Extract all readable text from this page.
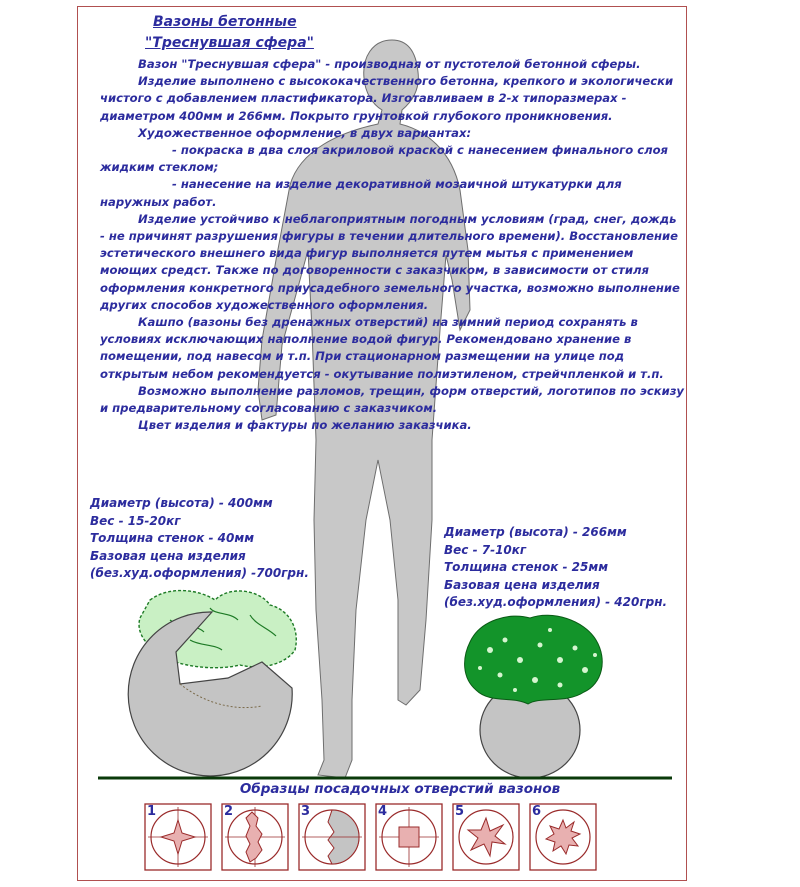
Вазоны бетонные
"Треснувшая сфера"

Вазон "Треснувшая сфера" - производная от пустотелой бетонной сферы.

Изделие выполнено с высококачественного бетонна, крепкого и экологически чистого с добавлением пластификатора. Изготавливаем в 2-х типоразмерах - диаметром 400мм и 266мм. Покрыто грунтовкой глубокого проникновения.

Художественное оформление, в двух вариантах:

- покраска в два слоя акриловой краской с нанесением финального слоя жидким стеклом;

- нанесение на изделие декоративной мозаичной штукатурки для наружных работ.

Изделие устойчиво к неблагоприятным погодным условиям (град, снег, дождь - не причинят разрушения фигуры в течении длительного времени). Восстановление эстетического внешнего вида фигур выполняется путем мытья с применением моющих средст. Также по договоренности с заказчиком, в зависимости от стиля оформления конкретного приусадебного земельного участка, возможно выполнение других способов художественного оформления.

Кашпо (вазоны без дренажных отверстий) на зимний период сохранять в условиях исключающих наполнение водой фигур. Рекомендовано хранение в помещении, под навесом и т.п. При стационарном размещении на улице под открытым небом рекомендуется - окутывание полиэтиленом, стрейчпленкой и т.п.

Возможно выполнение разломов, трещин, форм отверстий, логотипов по эскизу и предварительному согласованию с заказчиком.

Цвет изделия и фактуры по желанию заказчика.

Диаметр (высота) - 400мм
Вес - 15-20кг
Толщина стенок - 40мм
Базовая цена изделия
(без.худ.оформления) -700грн.
Диаметр (высота) - 266мм
Вес - 7-10кг
Толщина стенок - 25мм
Базовая цена изделия
(без.худ.оформления) - 420грн.
Образцы посадочных отверстий вазонов
1	2	3	4	5	6
